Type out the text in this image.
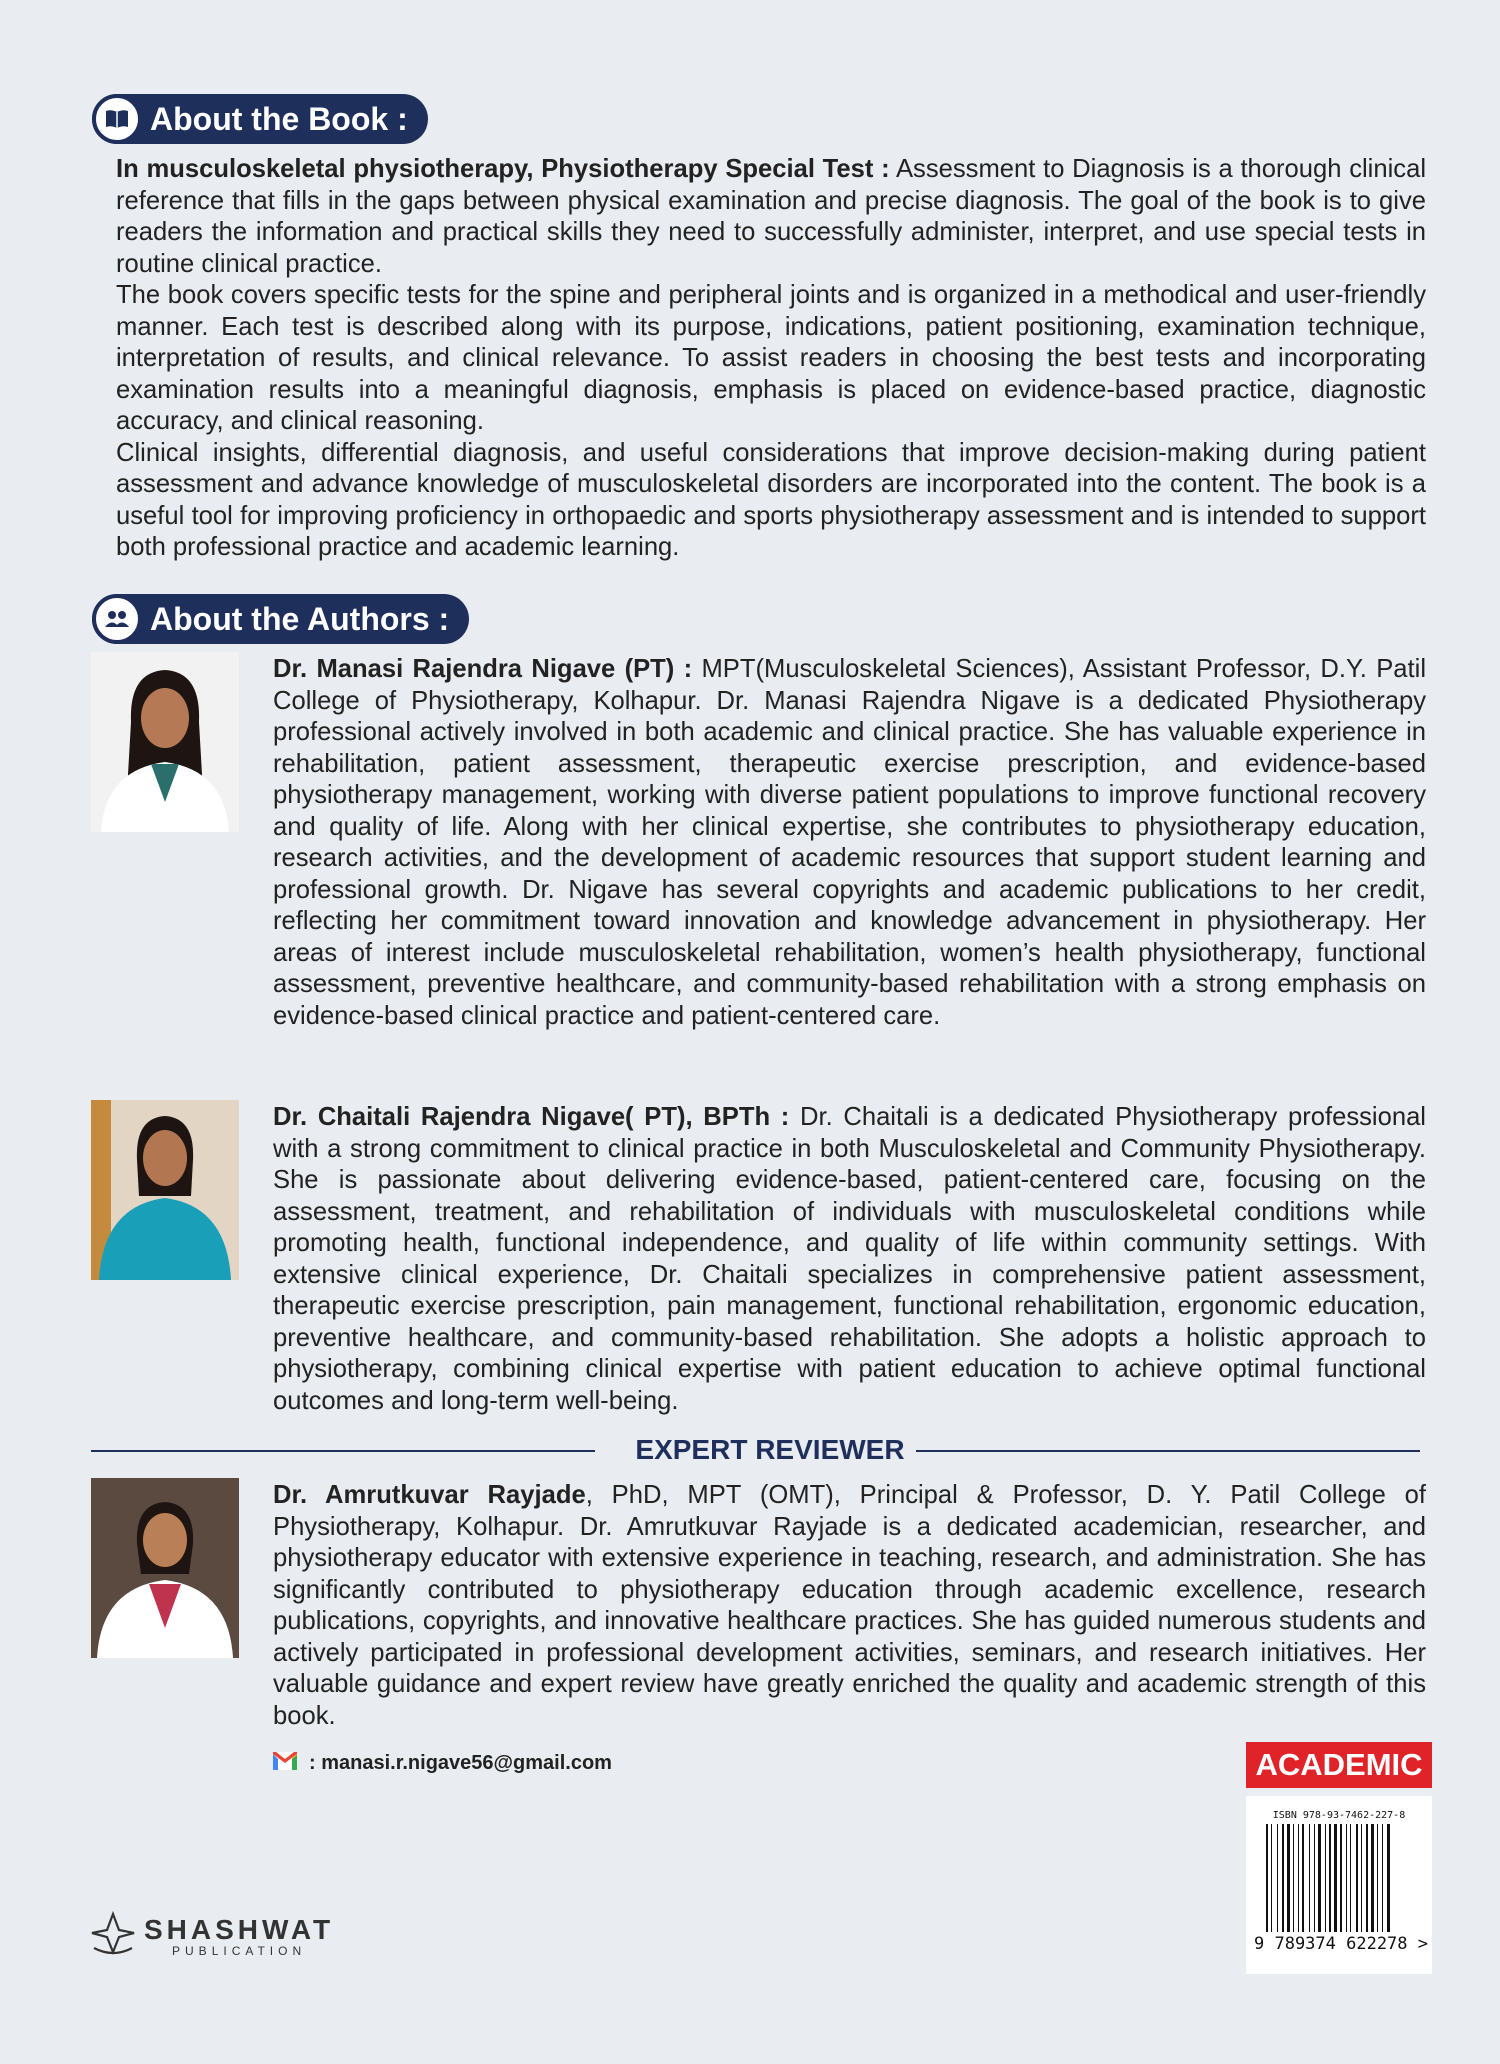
About the Book :

In musculoskeletal physiotherapy, Physiotherapy Special Test : Assessment to Diagnosis is a thorough clinical reference that fills in the gaps between physical examination and precise diagnosis. The goal of the book is to give readers the information and practical skills they need to successfully administer, interpret, and use special tests in routine clinical practice.

The book covers specific tests for the spine and peripheral joints and is organized in a methodical and user-friendly manner. Each test is described along with its purpose, indications, patient positioning, examination technique, interpretation of results, and clinical relevance. To assist readers in choosing the best tests and incorporating examination results into a meaningful diagnosis, emphasis is placed on evidence-based practice, diagnostic accuracy, and clinical reasoning.

Clinical insights, differential diagnosis, and useful considerations that improve decision-making during patient assessment and advance knowledge of musculoskeletal disorders are incorporated into the content. The book is a useful tool for improving proficiency in orthopaedic and sports physiotherapy assessment and is intended to support both professional practice and academic learning.

About the Authors :

Dr. Manasi Rajendra Nigave (PT) : MPT(Musculoskeletal Sciences), Assistant Professor, D.Y. Patil College of Physiotherapy, Kolhapur. Dr. Manasi Rajendra Nigave is a dedicated Physiotherapy professional actively involved in both academic and clinical practice. She has valuable experience in rehabilitation, patient assessment, therapeutic exercise prescription, and evidence-based physiotherapy management, working with diverse patient populations to improve functional recovery and quality of life. Along with her clinical expertise, she contributes to physiotherapy education, research activities, and the development of academic resources that support student learning and professional growth. Dr. Nigave has several copyrights and academic publications to her credit, reflecting her commitment toward innovation and knowledge advancement in physiotherapy. Her areas of interest include musculoskeletal rehabilitation, women’s health physiotherapy, functional assessment, preventive healthcare, and community-based rehabilitation with a strong emphasis on evidence-based clinical practice and patient-centered care.

Dr. Chaitali Rajendra Nigave( PT), BPTh : Dr. Chaitali is a dedicated Physiotherapy professional with a strong commitment to clinical practice in both Musculoskeletal and Community Physiotherapy. She is passionate about delivering evidence-based, patient-centered care, focusing on the assessment, treatment, and rehabilitation of individuals with musculoskeletal conditions while promoting health, functional independence, and quality of life within community settings. With extensive clinical experience, Dr. Chaitali specializes in comprehensive patient assessment, therapeutic exercise prescription, pain management, functional rehabilitation, ergonomic education, preventive healthcare, and community-based rehabilitation. She adopts a holistic approach to physiotherapy, combining clinical expertise with patient education to achieve optimal functional outcomes and long-term well-being.

EXPERT REVIEWER

Dr. Amrutkuvar Rayjade, PhD, MPT (OMT), Principal & Professor, D. Y. Patil College of Physiotherapy, Kolhapur. Dr. Amrutkuvar Rayjade is a dedicated academician, researcher, and physiotherapy educator with extensive experience in teaching, research, and administration. She has significantly contributed to physiotherapy education through academic excellence, research publications, copyrights, and innovative healthcare practices. She has guided numerous students and actively participated in professional development activities, seminars, and research initiatives. Her valuable guidance and expert review have greatly enriched the quality and academic strength of this book.

: manasi.r.nigave56@gmail.com	ACADEMIC
ISBN 978-93-7462-227-8
9 789374 622278 >
SHASHWAT
PUBLICATION
